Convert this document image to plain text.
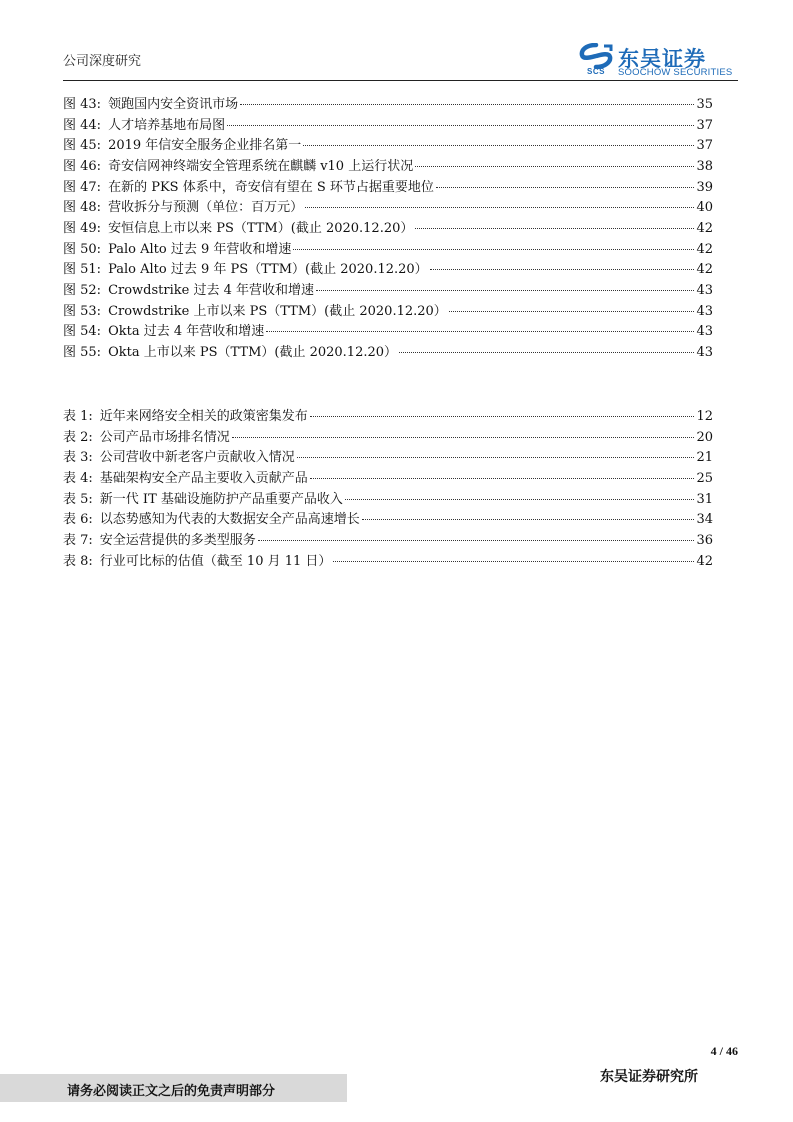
公司深度研究
SCS
东吴证券
SOOCHOW SECURITIES
图 43: 领跑国内安全资讯市场	35
图 44: 人才培养基地布局图	37
图 45: 2019 年信安全服务企业排名第一	37
图 46: 奇安信网神终端安全管理系统在麒麟 v10 上运行状况	38
图 47: 在新的 PKS 体系中，奇安信有望在 S 环节占据重要地位	39
图 48: 营收拆分与预测（单位：百万元）	40
图 49: 安恒信息上市以来 PS（TTM）(截止 2020.12.20）	42
图 50: Palo Alto 过去 9 年营收和增速	42
图 51: Palo Alto 过去 9 年 PS（TTM）(截止 2020.12.20）	42
图 52: Crowdstrike 过去 4 年营收和增速	43
图 53: Crowdstrike 上市以来 PS（TTM）(截止 2020.12.20）	43
图 54: Okta 过去 4 年营收和增速	43
图 55: Okta 上市以来 PS（TTM）(截止 2020.12.20）	43
表 1: 近年来网络安全相关的政策密集发布	12
表 2: 公司产品市场排名情况	20
表 3: 公司营收中新老客户贡献收入情况	21
表 4: 基础架构安全产品主要收入贡献产品	25
表 5: 新一代 IT 基础设施防护产品重要产品收入	31
表 6: 以态势感知为代表的大数据安全产品高速增长	34
表 7: 安全运营提供的多类型服务	36
表 8: 行业可比标的估值（截至 10 月 11 日）	42
4 / 46
请务必阅读正文之后的免责声明部分
东吴证券研究所
